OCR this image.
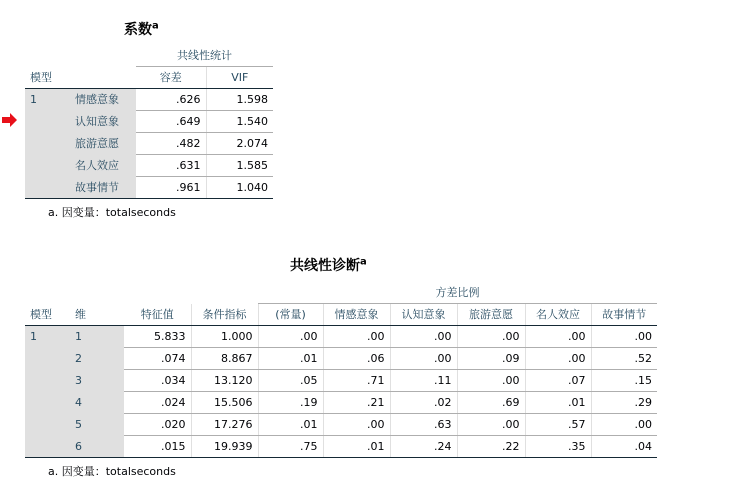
系数$^a$
		共线性统计	
模型		容差	VIF
1	情感意象	.626	1.598
	认知意象	.649	1.540
	旅游意愿	.482	2.074
	名人效应	.631	1.585
	故事情节	.961	1.040
a. 因变量：totalseconds
共线性诊断$^a$
				方差比例					
模型	维	特征值	条件指标	(常量)	情感意象	认知意象	旅游意愿	名人效应	故事情节
1	1	5.833	1.000	.00	.00	.00	.00	.00	.00
	2	.074	8.867	.01	.06	.00	.09	.00	.52
	3	.034	13.120	.05	.71	.11	.00	.07	.15
	4	.024	15.506	.19	.21	.02	.69	.01	.29
	5	.020	17.276	.01	.00	.63	.00	.57	.00
	6	.015	19.939	.75	.01	.24	.22	.35	.04
a. 因变量：totalseconds
